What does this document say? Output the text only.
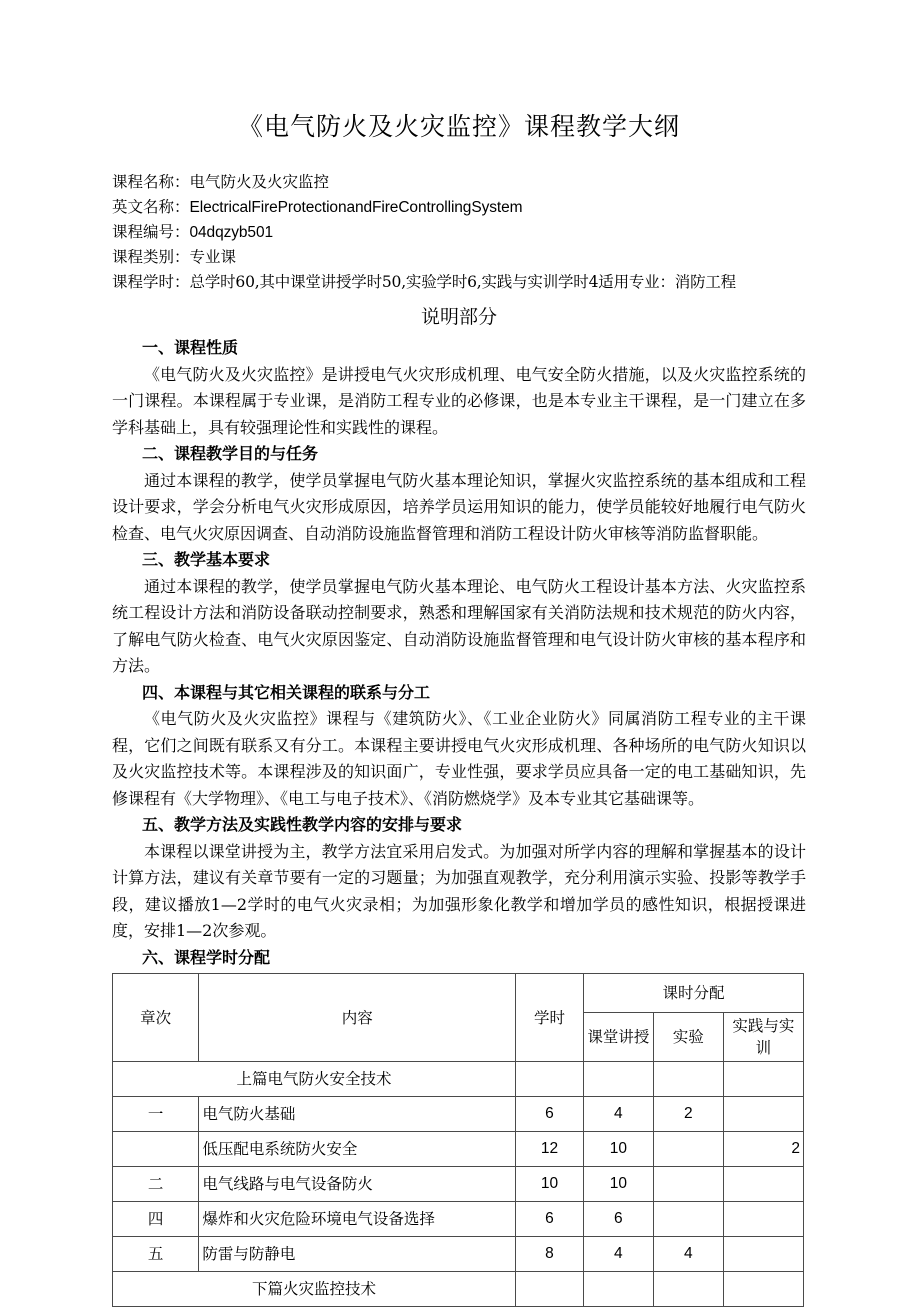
《电气防火及火灾监控》课程教学大纲
课程名称：电气防火及火灾监控
英文名称：ElectricalFireProtectionandFireControllingSystem
课程编号：04dqzyb501
课程类别：专业课
课程学时：总学时60,其中课堂讲授学时50,实验学时6,实践与实训学时4适用专业：消防工程
说明部分
一、课程性质

《电气防火及火灾监控》是讲授电气火灾形成机理、电气安全防火措施，以及火灾监控系统的一门课程。本课程属于专业课，是消防工程专业的必修课，也是本专业主干课程，是一门建立在多学科基础上，具有较强理论性和实践性的课程。

二、课程教学目的与任务

通过本课程的教学，使学员掌握电气防火基本理论知识，掌握火灾监控系统的基本组成和工程设计要求，学会分析电气火灾形成原因，培养学员运用知识的能力，使学员能较好地履行电气防火检查、电气火灾原因调查、自动消防设施监督管理和消防工程设计防火审核等消防监督职能。

三、教学基本要求

通过本课程的教学，使学员掌握电气防火基本理论、电气防火工程设计基本方法、火灾监控系统工程设计方法和消防设备联动控制要求，熟悉和理解国家有关消防法规和技术规范的防火内容，了解电气防火检查、电气火灾原因鉴定、自动消防设施监督管理和电气设计防火审核的基本程序和方法。

四、本课程与其它相关课程的联系与分工

《电气防火及火灾监控》课程与《建筑防火》、《工业企业防火》同属消防工程专业的主干课程，它们之间既有联系又有分工。本课程主要讲授电气火灾形成机理、各种场所的电气防火知识以及火灾监控技术等。本课程涉及的知识面广，专业性强，要求学员应具备一定的电工基础知识，先修课程有《大学物理》、《电工与电子技术》、《消防燃烧学》及本专业其它基础课等。

五、教学方法及实践性教学内容的安排与要求

本课程以课堂讲授为主，教学方法宜采用启发式。为加强对所学内容的理解和掌握基本的设计计算方法，建议有关章节要有一定的习题量；为加强直观教学，充分利用演示实验、投影等教学手段，建议播放1—2学时的电气火灾录相；为加强形象化教学和增加学员的感性知识，根据授课进度，安排1—2次参观。

六、课程学时分配
章次	内容	学时	课时分配		
			课堂讲授	实验	实践与实训
上篇电气防火安全技术					
一	电气防火基础	6	4	2	
	低压配电系统防火安全	12	10		2
二	电气线路与电气设备防火	10	10		
四	爆炸和火灾危险环境电气设备选择	6	6		
五	防雷与防静电	8	4	4	
下篇火灾监控技术					
